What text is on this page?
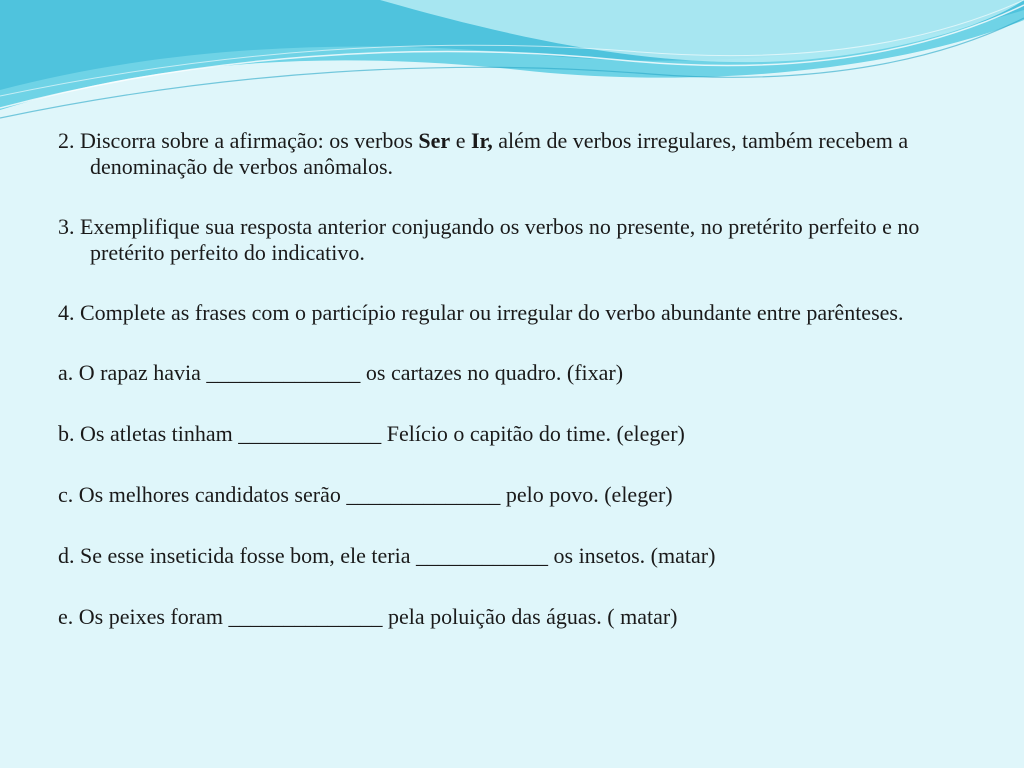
2. Discorra sobre a afirmação: os verbos Ser e Ir, além de verbos irregulares, também recebem a denominação de verbos anômalos.

3. Exemplifique sua resposta anterior conjugando os verbos no presente, no pretérito perfeito e no pretérito perfeito do indicativo.

4. Complete as frases com o particípio regular ou irregular do verbo abundante entre parênteses.

a. O rapaz havia ______________ os cartazes no quadro. (fixar)

b. Os atletas tinham _____________ Felício o capitão do time. (eleger)

c. Os melhores candidatos serão ______________ pelo povo. (eleger)

d. Se esse inseticida fosse bom, ele teria ____________ os insetos. (matar)

e. Os peixes foram ______________ pela poluição das águas. ( matar)
